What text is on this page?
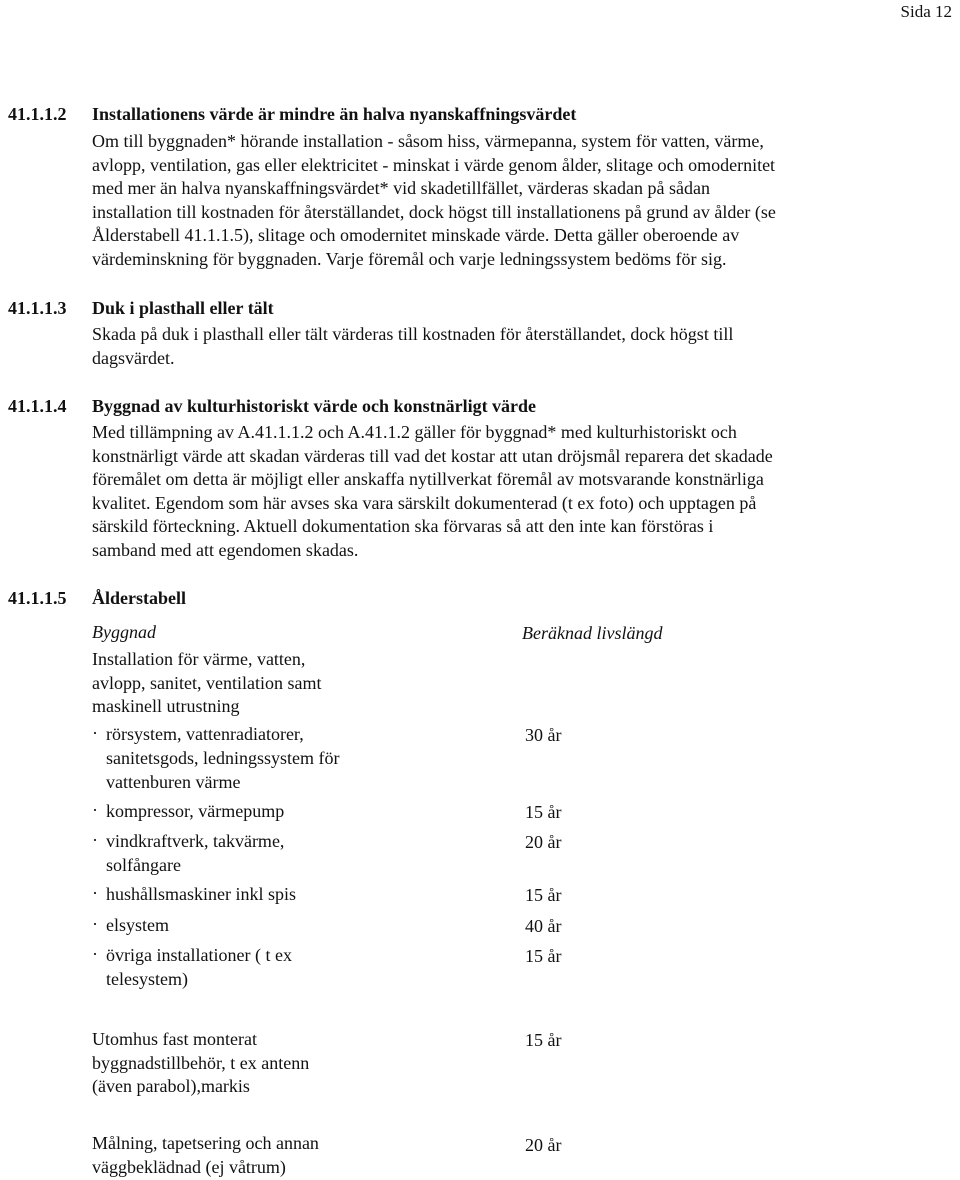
Sida 12
41.1.1.2 Installationens värde är mindre än halva nyanskaffningsvärdet
Om till byggnaden* hörande installation - såsom hiss, värmepanna, system för vatten, värme,
avlopp, ventilation, gas eller elektricitet - minskat i värde genom ålder, slitage och omodernitet
med mer än halva nyanskaffningsvärdet* vid skadetillfället, värderas skadan på sådan
installation till kostnaden för återställandet, dock högst till installationens på grund av ålder (se
Ålderstabell 41.1.1.5), slitage och omodernitet minskade värde. Detta gäller oberoende av
värdeminskning för byggnaden. Varje föremål och varje ledningssystem bedöms för sig.
41.1.1.3 Duk i plasthall eller tält
Skada på duk i plasthall eller tält värderas till kostnaden för återställandet, dock högst till
dagsvärdet.
41.1.1.4 Byggnad av kulturhistoriskt värde och konstnärligt värde
Med tillämpning av A.41.1.1.2 och A.41.1.2 gäller för byggnad* med kulturhistoriskt och
konstnärligt värde att skadan värderas till vad det kostar att utan dröjsmål reparera det skadade
föremålet om detta är möjligt eller anskaffa nytillverkat föremål av motsvarande konstnärliga
kvalitet. Egendom som här avses ska vara särskilt dokumenterad (t ex foto) och upptagen på
särskild förteckning. Aktuell dokumentation ska förvaras så att den inte kan förstöras i
samband med att egendomen skadas.
41.1.1.5 Ålderstabell
Byggnad	Beräknad livslängd
Installation för värme, vatten,
avlopp, sanitet, ventilation samt
maskinell utrustning
· rörsystem, vattenradiatorer,
sanitetsgods, ledningssystem för
vattenburen värme
30 år
· kompressor, värmepump	15 år
· vindkraftverk, takvärme,
solfångare
20 år
· hushållsmaskiner inkl spis	15 år
· elsystem	40 år
· övriga installationer ( t ex
telesystem)
15 år
Utomhus fast monterat
byggnadstillbehör, t ex antenn
(även parabol),markis
15 år
Målning, tapetsering och annan
väggbeklädnad (ej våtrum)
20 år
